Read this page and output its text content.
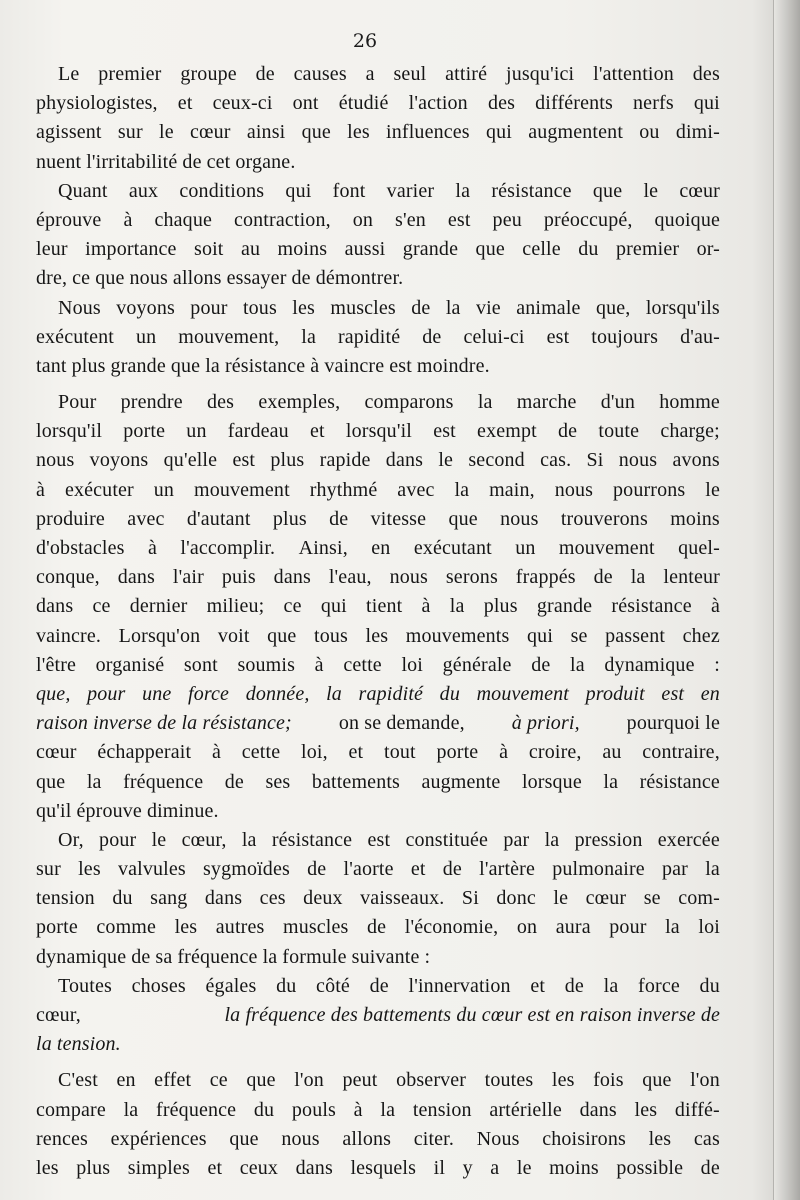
26
Le premier groupe de causes a seul attiré jusqu'ici l'attention des
physiologistes, et ceux-ci ont étudié l'action des différents nerfs qui
agissent sur le cœur ainsi que les influences qui augmentent ou dimi-
nuent l'irritabilité de cet organe.
Quant aux conditions qui font varier la résistance que le cœur
éprouve à chaque contraction, on s'en est peu préoccupé, quoique
leur importance soit au moins aussi grande que celle du premier or-
dre, ce que nous allons essayer de démontrer.
Nous voyons pour tous les muscles de la vie animale que, lorsqu'ils
exécutent un mouvement, la rapidité de celui-ci est toujours d'au-
tant plus grande que la résistance à vaincre est moindre.
Pour prendre des exemples, comparons la marche d'un homme
lorsqu'il porte un fardeau et lorsqu'il est exempt de toute charge;
nous voyons qu'elle est plus rapide dans le second cas. Si nous avons
à exécuter un mouvement rhythmé avec la main, nous pourrons le
produire avec d'autant plus de vitesse que nous trouverons moins
d'obstacles à l'accomplir. Ainsi, en exécutant un mouvement quel-
conque, dans l'air puis dans l'eau, nous serons frappés de la lenteur
dans ce dernier milieu; ce qui tient à la plus grande résistance à
vaincre. Lorsqu'on voit que tous les mouvements qui se passent chez
l'être organisé sont soumis à cette loi générale de la dynamique :
que, pour une force donnée, la rapidité du mouvement produit est en
raison inverse de la résistance; on se demande, à priori, pourquoi le
cœur échapperait à cette loi, et tout porte à croire, au contraire,
que la fréquence de ses battements augmente lorsque la résistance
qu'il éprouve diminue.
Or, pour le cœur, la résistance est constituée par la pression exercée
sur les valvules sygmoïdes de l'aorte et de l'artère pulmonaire par la
tension du sang dans ces deux vaisseaux. Si donc le cœur se com-
porte comme les autres muscles de l'économie, on aura pour la loi
dynamique de sa fréquence la formule suivante :
Toutes choses égales du côté de l'innervation et de la force du
cœur,	la fréquence des battements du cœur est en raison inverse de
la tension.
C'est en effet ce que l'on peut observer toutes les fois que l'on
compare la fréquence du pouls à la tension artérielle dans les diffé-
rences expériences que nous allons citer. Nous choisirons les cas
les plus simples et ceux dans lesquels il y a le moins possible de
